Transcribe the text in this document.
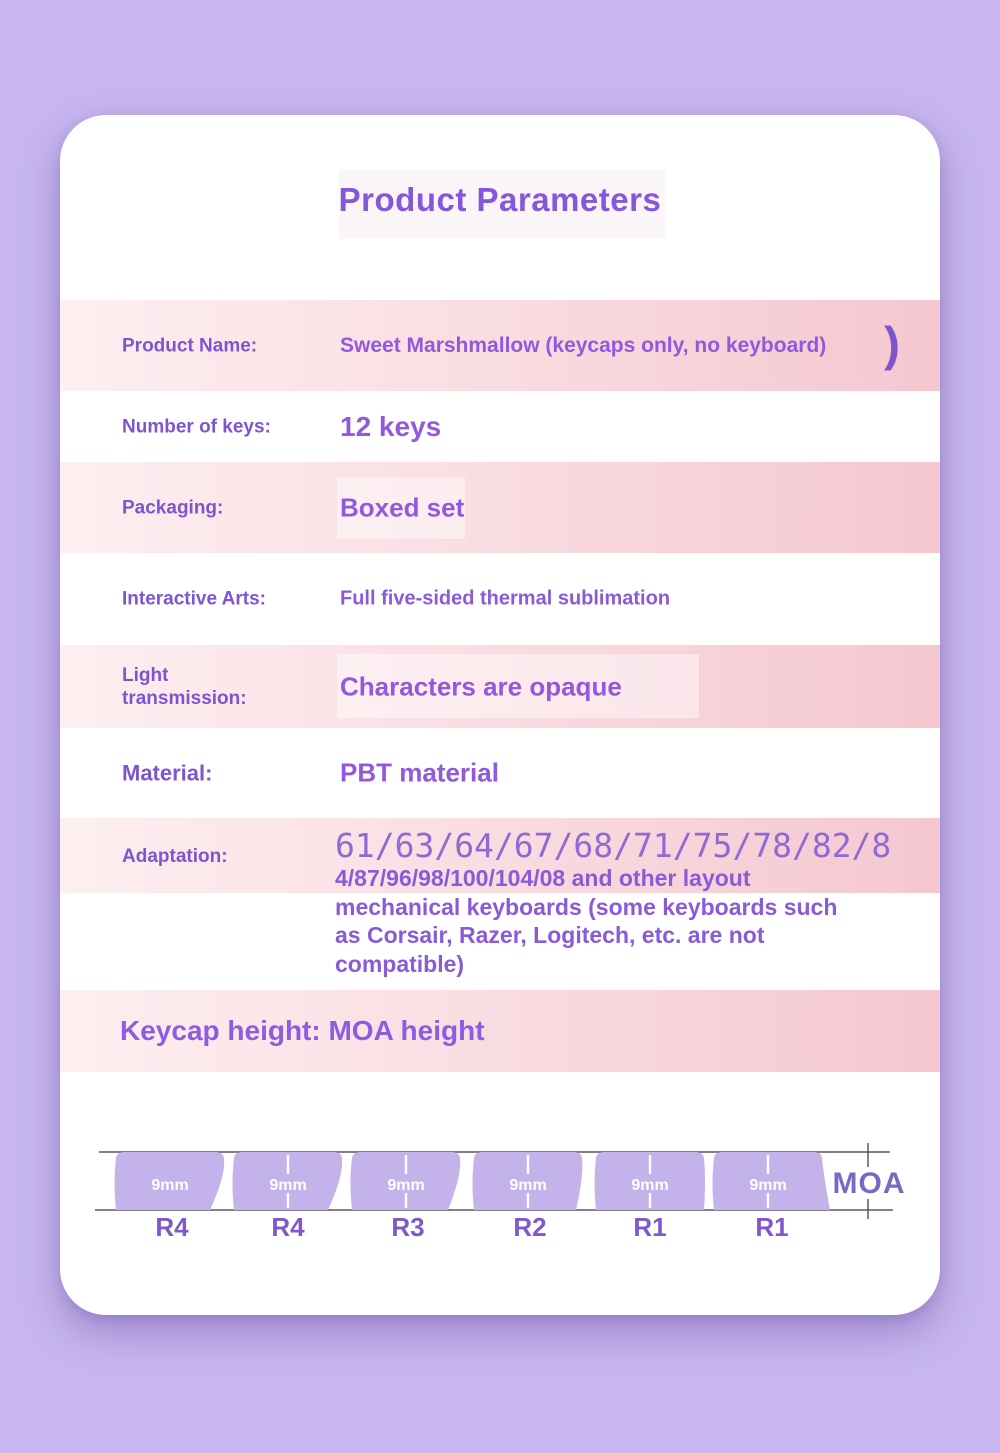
Product Parameters
Product Name:	Sweet Marshmallow (keycaps only, no keyboard) )
Number of keys: 12 keys
Packaging:	Boxed set
Interactive Arts:	Full five-sided thermal sublimation
Light transmission:	Characters are opaque
Material:	PBT material
Adaptation:	61/63/64/67/68/71/75/78/82/8
4/87/96/98/100/104/08 and other layout
mechanical keyboards (some keyboards such
as Corsair, Razer, Logitech, etc. are not
compatible)
Keycap height: MOA height
9mm	9mm	9mm	9mm	9mm	9mm
R4	R4	R3	R2	R1	R1
MOA
